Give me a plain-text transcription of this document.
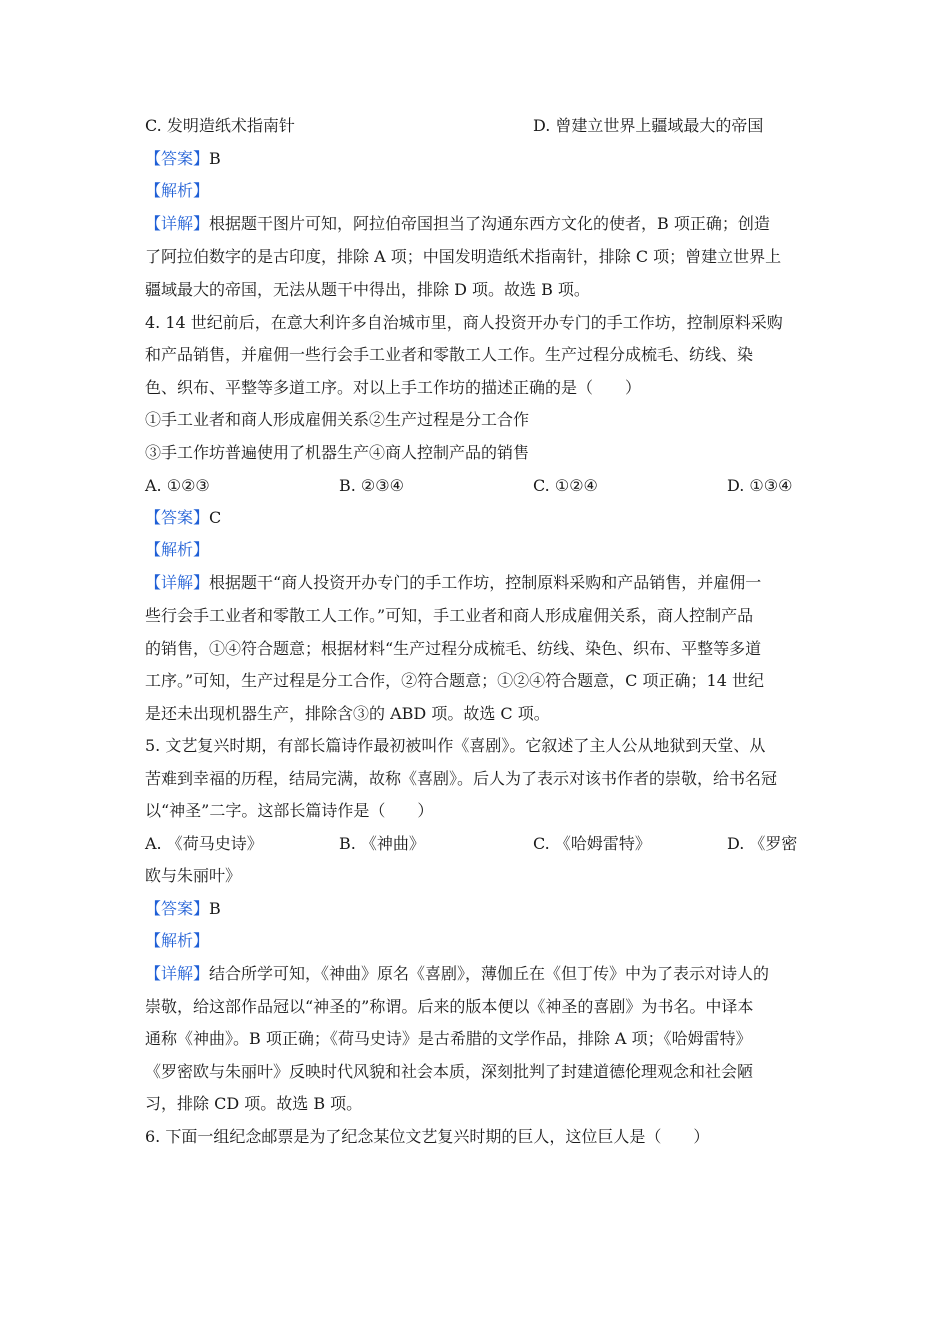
C. 发明造纸术指南针	D. 曾建立世界上疆域最大的帝国
【答案】B
【解析】
【详解】根据题干图片可知，阿拉伯帝国担当了沟通东西方文化的使者，B 项正确；创造
了阿拉伯数字的是古印度，排除 A 项；中国发明造纸术指南针，排除 C 项；曾建立世界上
疆域最大的帝国，无法从题干中得出，排除 D 项。故选 B 项。
4. 14 世纪前后，在意大利许多自治城市里，商人投资开办专门的手工作坊，控制原料采购
和产品销售，并雇佣一些行会手工业者和零散工人工作。生产过程分成梳毛、纺线、染
色、织布、平整等多道工序。对以上手工作坊的描述正确的是（　　）
①手工业者和商人形成雇佣关系②生产过程是分工合作
③手工作坊普遍使用了机器生产④商人控制产品的销售
A. ①②③	B. ②③④	C. ①②④	D. ①③④
【答案】C
【解析】
【详解】根据题干“商人投资开办专门的手工作坊，控制原料采购和产品销售，并雇佣一
些行会手工业者和零散工人工作。”可知，手工业者和商人形成雇佣关系，商人控制产品
的销售，①④符合题意；根据材料“生产过程分成梳毛、纺线、染色、织布、平整等多道
工序。”可知，生产过程是分工合作，②符合题意；①②④符合题意，C 项正确；14 世纪
是还未出现机器生产，排除含③的 ABD 项。故选 C 项。
5. 文艺复兴时期，有部长篇诗作最初被叫作《喜剧》。它叙述了主人公从地狱到天堂、从
苦难到幸福的历程，结局完满，故称《喜剧》。后人为了表示对该书作者的崇敬，给书名冠
以“神圣”二字。这部长篇诗作是（　　）
A. 《荷马史诗》	B. 《神曲》	C. 《哈姆雷特》	D. 《罗密
欧与朱丽叶》
【答案】B
【解析】
【详解】结合所学可知，《神曲》原名《喜剧》，薄伽丘在《但丁传》中为了表示对诗人的
崇敬，给这部作品冠以“神圣的”称谓。后来的版本便以《神圣的喜剧》为书名。中译本
通称《神曲》。B 项正确；《荷马史诗》是古希腊的文学作品，排除 A 项；《哈姆雷特》
《罗密欧与朱丽叶》反映时代风貌和社会本质，深刻批判了封建道德伦理观念和社会陋
习，排除 CD 项。故选 B 项。
6. 下面一组纪念邮票是为了纪念某位文艺复兴时期的巨人，这位巨人是（　　）
